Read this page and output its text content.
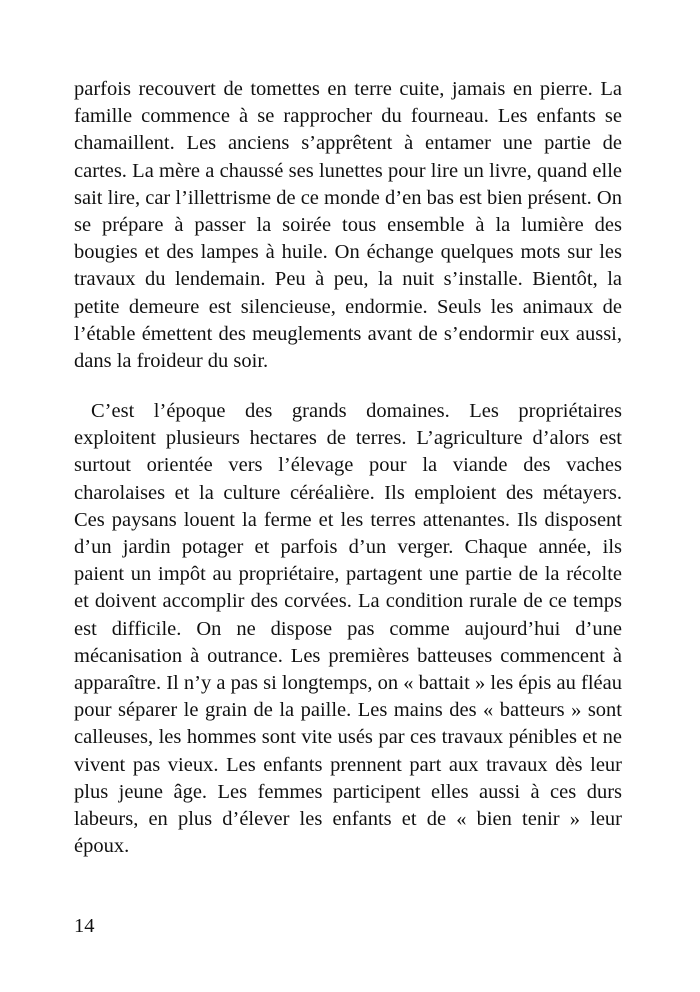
parfois recouvert de tomettes en terre cuite, jamais en pierre. La famille commence à se rapprocher du fourneau. Les enfants se chamaillent. Les anciens s’apprêtent à entamer une partie de cartes. La mère a chaussé ses lunettes pour lire un livre, quand elle sait lire, car l’illettrisme de ce monde d’en bas est bien présent. On se prépare à passer la soirée tous ensemble à la lumière des bougies et des lampes à huile. On échange quelques mots sur les travaux du lendemain. Peu à peu, la nuit s’installe. Bientôt, la petite demeure est silencieuse, endormie. Seuls les animaux de l’étable émettent des meuglements avant de s’endormir eux aussi, dans la froideur du soir.

C’est l’époque des grands domaines. Les propriétaires exploitent plusieurs hectares de terres. L’agriculture d’alors est surtout orientée vers l’élevage pour la viande des vaches charolaises et la culture céréalière. Ils emploient des métayers. Ces paysans louent la ferme et les terres attenantes. Ils disposent d’un jardin potager et parfois d’un verger. Chaque année, ils paient un impôt au propriétaire, partagent une partie de la récolte et doivent accomplir des corvées. La condition rurale de ce temps est difficile. On ne dispose pas comme aujourd’hui d’une mécanisation à outrance. Les premières batteuses commencent à apparaître. Il n’y a pas si longtemps, on « battait » les épis au fléau pour séparer le grain de la paille. Les mains des « batteurs » sont calleuses, les hommes sont vite usés par ces travaux pénibles et ne vivent pas vieux. Les enfants prennent part aux travaux dès leur plus jeune âge. Les femmes participent elles aussi à ces durs labeurs, en plus d’élever les enfants et de « bien tenir » leur époux.

14
